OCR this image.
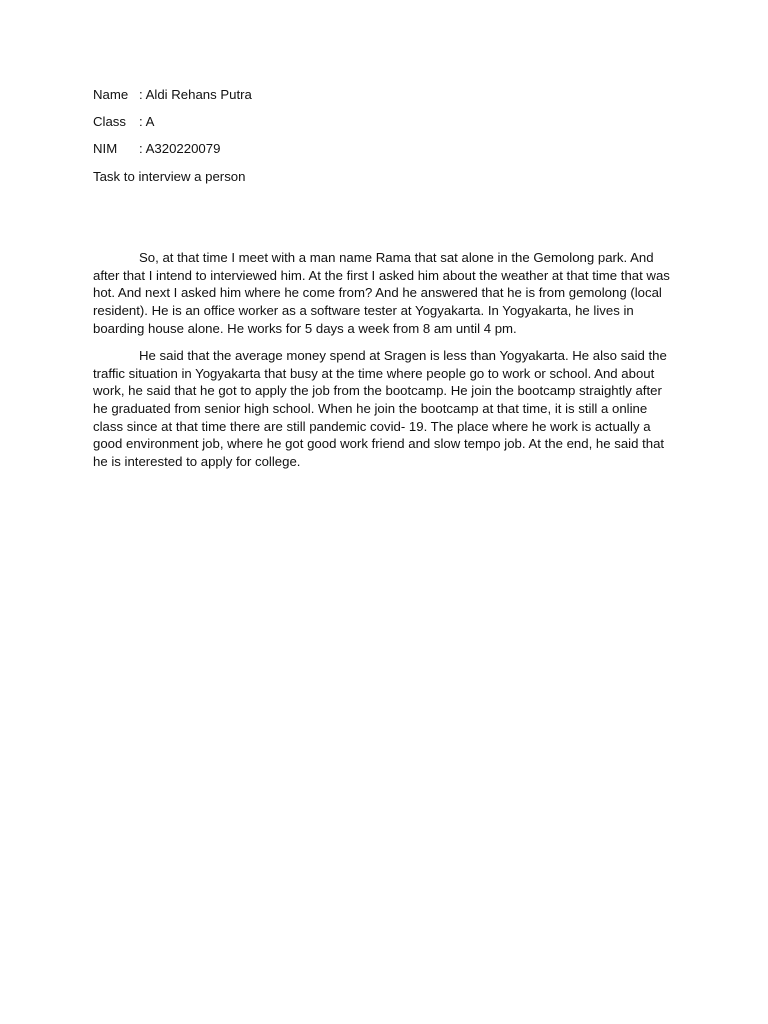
Name : Aldi Rehans Putra
Class : A
NIM	: A320220079
Task to interview a person

So, at that time I meet with a man name Rama that sat alone in the Gemolong park. And after that I intend to interviewed him. At the first I asked him about the weather at that time that was hot. And next I asked him where he come from? And he answered that he is from gemolong (local resident). He is an office worker as a software tester at Yogyakarta. In Yogyakarta, he lives in boarding house alone. He works for 5 days a week from 8 am until 4 pm.

He said that the average money spend at Sragen is less than Yogyakarta. He also said the traffic situation in Yogyakarta that busy at the time where people go to work or school. And about work, he said that he got to apply the job from the bootcamp. He join the bootcamp straightly after he graduated from senior high school. When he join the bootcamp at that time, it is still a online class since at that time there are still pandemic covid- 19. The place where he work is actually a good environment job, where he got good work friend and slow tempo job. At the end, he said that he is interested to apply for college.
